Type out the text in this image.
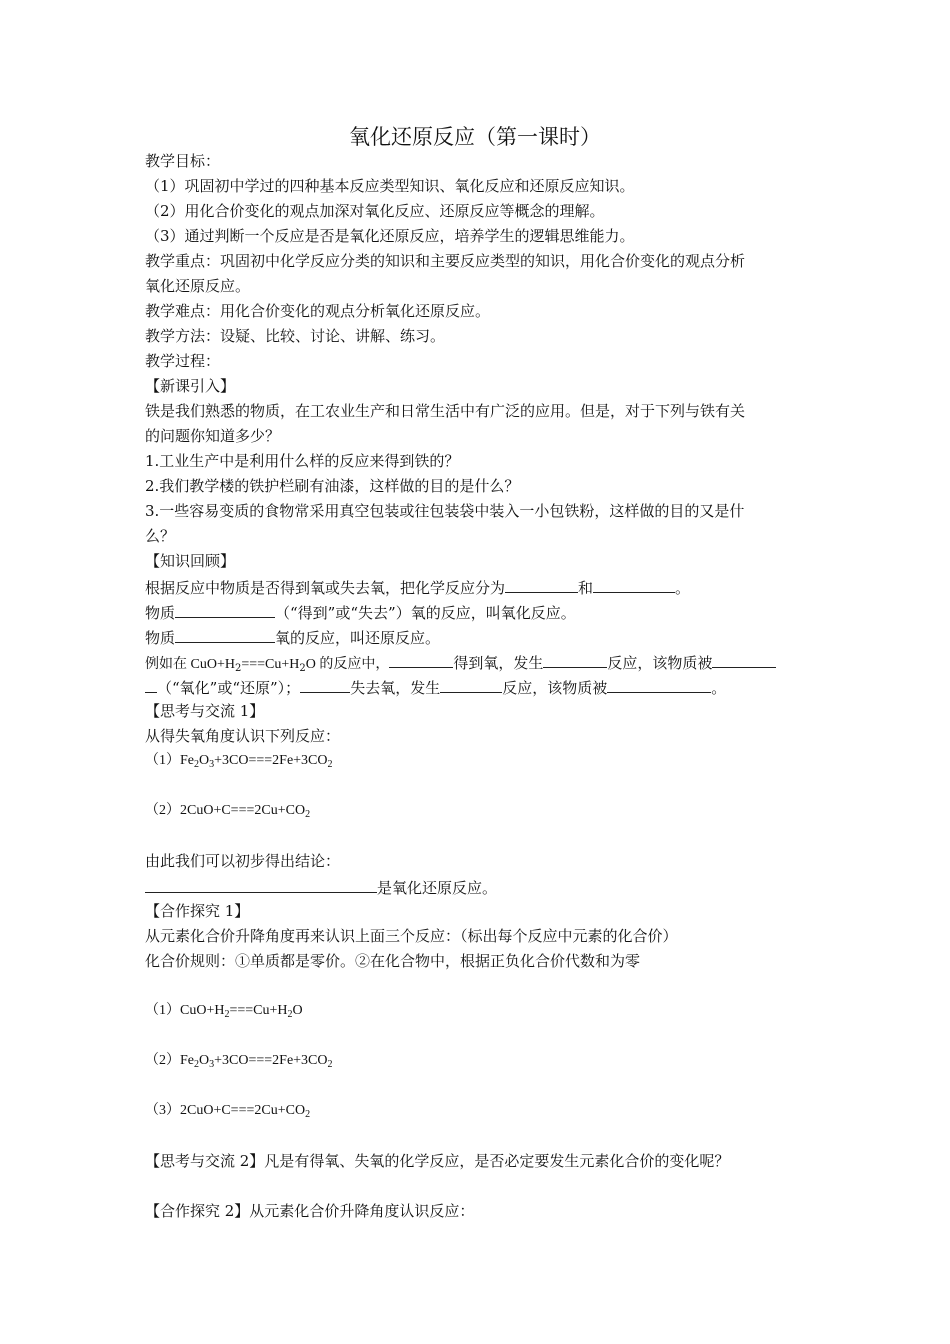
氧化还原反应（第一课时）
教学目标：
（1）巩固初中学过的四种基本反应类型知识、氧化反应和还原反应知识。
（2）用化合价变化的观点加深对氧化反应、还原反应等概念的理解。
（3）通过判断一个反应是否是氧化还原反应，培养学生的逻辑思维能力。
教学重点：巩固初中化学反应分类的知识和主要反应类型的知识，用化合价变化的观点分析
氧化还原反应。
教学难点：用化合价变化的观点分析氧化还原反应。
教学方法：设疑、比较、讨论、讲解、练习。
教学过程：
【新课引入】
铁是我们熟悉的物质，在工农业生产和日常生活中有广泛的应用。但是，对于下列与铁有关
的问题你知道多少？
1.工业生产中是利用什么样的反应来得到铁的？
2.我们教学楼的铁护栏刷有油漆，这样做的目的是什么？
3.一些容易变质的食物常采用真空包装或往包装袋中装入一小包铁粉，这样做的目的又是什
么？
【知识回顾】
根据反应中物质是否得到氧或失去氧，把化学反应分为	和	。
物质	（“得到”或“失去”）氧的反应，叫氧化反应。
物质	氧的反应，叫还原反应。
例如在 $CuO+H_2===Cu+H_2O$ 的反应中，	得到氧，发生	反应，该物质被
（“氧化”或“还原”）；	失去氧，发生	反应，该物质被	。
【思考与交流 1】
从得失氧角度认识下列反应：
$(1)Fe_2O_3+3CO===2Fe+3CO_2$
$(2)2CuO+C===2Cu+CO_2$
由此我们可以初步得出结论：
是氧化还原反应。
【合作探究 1】
从元素化合价升降角度再来认识上面三个反应：（标出每个反应中元素的化合价）
化合价规则：①单质都是零价。②在化合物中，根据正负化合价代数和为零
$(1)CuO+H_2===Cu+H_2O$
$(2)Fe_2O_3+3CO===2Fe+3CO_2$
$(3)2CuO+C===2Cu+CO_2$
【思考与交流 2】凡是有得氧、失氧的化学反应，是否必定要发生元素化合价的变化呢？
【合作探究 2】从元素化合价升降角度认识反应：
